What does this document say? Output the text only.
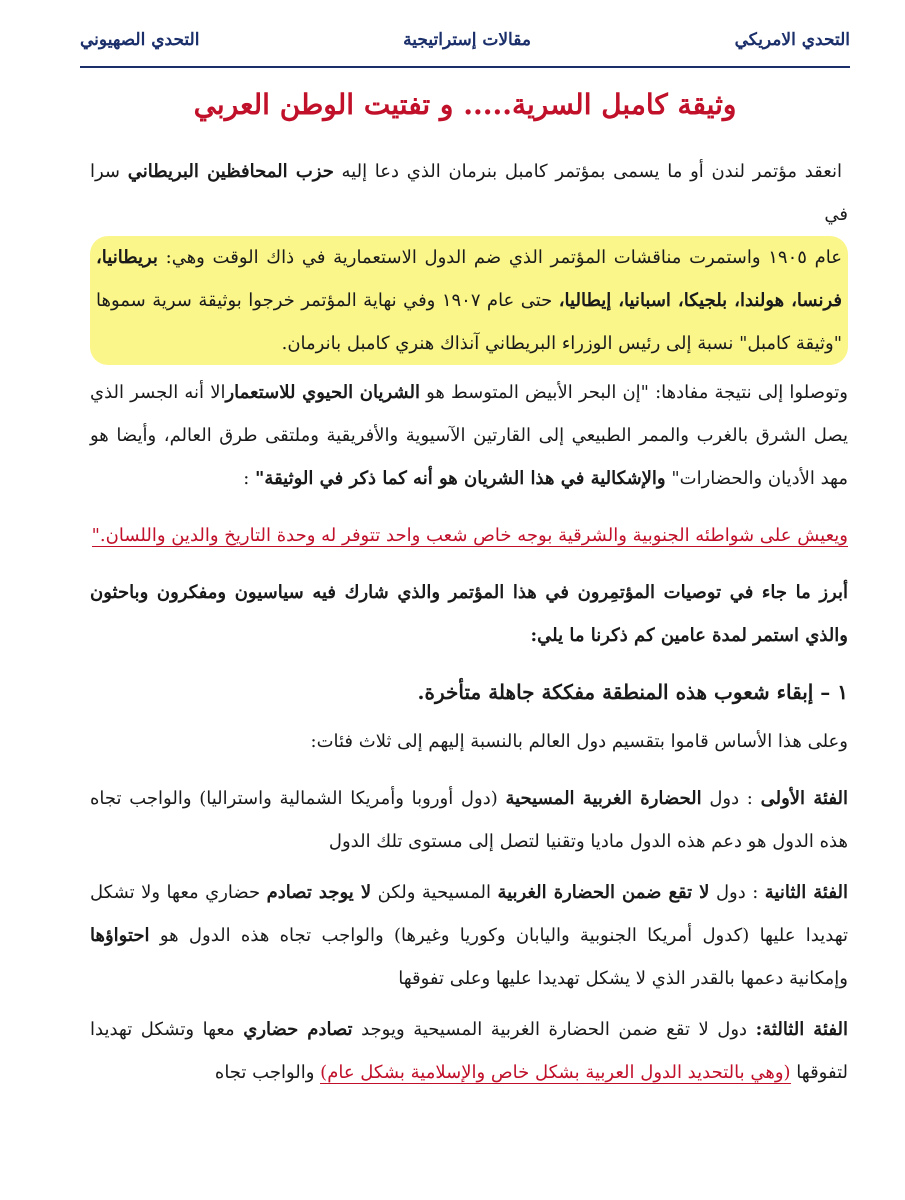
التحدي الامريكي
مقالات إستراتيجية
التحدي الصهيوني
وثيقة كامبل السرية..... و تفتيت الوطن العربي

انعقد مؤتمر لندن أو ما يسمى بمؤتمر كامبل بنرمان الذي دعا إليه حزب المحافظين البريطاني سرا في
عام ١٩٠٥ واستمرت مناقشات المؤتمر الذي ضم الدول الاستعمارية في ذاك الوقت وهي: بريطانيا، فرنسا، هولندا، بلجيكا، اسبانيا، إيطاليا، حتى عام ١٩٠٧ وفي نهاية المؤتمر خرجوا بوثيقة سرية سموها "وثيقة كامبل" نسبة إلى رئيس الوزراء البريطاني آنذاك هنري كامبل بانرمان.

وتوصلوا إلى نتيجة مفادها: "إن البحر الأبيض المتوسط هو الشريان الحيوي للاستعمارالا أنه الجسر الذي يصل الشرق بالغرب والممر الطبيعي إلى القارتين الآسيوية والأفريقية وملتقى طرق العالم، وأيضا هو مهد الأديان والحضارات" والإشكالية في هذا الشريان هو أنه كما ذكر في الوثيقة" :

ويعيش على شواطئه الجنوبية والشرقية بوجه خاص شعب واحد تتوفر له وحدة التاريخ والدين واللسان."

أبرز ما جاء في توصيات المؤتمِرون في هذا المؤتمر والذي شارك فيه سياسيون ومفكرون وباحثون والذي استمر لمدة عامين كم ذكرنا ما يلي:

١ – إبقاء شعوب هذه المنطقة مفككة جاهلة متأخرة.

وعلى هذا الأساس قاموا بتقسيم دول العالم بالنسبة إليهم إلى ثلاث فئات:

الفئة الأولى : دول الحضارة الغربية المسيحية (دول أوروبا وأمريكا الشمالية واستراليا) والواجب تجاه هذه الدول هو دعم هذه الدول ماديا وتقنيا لتصل إلى مستوى تلك الدول

الفئة الثانية : دول لا تقع ضمن الحضارة الغربية المسيحية ولكن لا يوجد تصادم حضاري معها ولا تشكل تهديدا عليها (كدول أمريكا الجنوبية واليابان وكوريا وغيرها) والواجب تجاه هذه الدول هو احتواؤها وإمكانية دعمها بالقدر الذي لا يشكل تهديدا عليها وعلى تفوقها

الفئة الثالثة: دول لا تقع ضمن الحضارة الغربية المسيحية ويوجد تصادم حضاري معها وتشكل تهديدا لتفوقها (وهي بالتحديد الدول العربية بشكل خاص والإسلامية بشكل عام) والواجب تجاه
